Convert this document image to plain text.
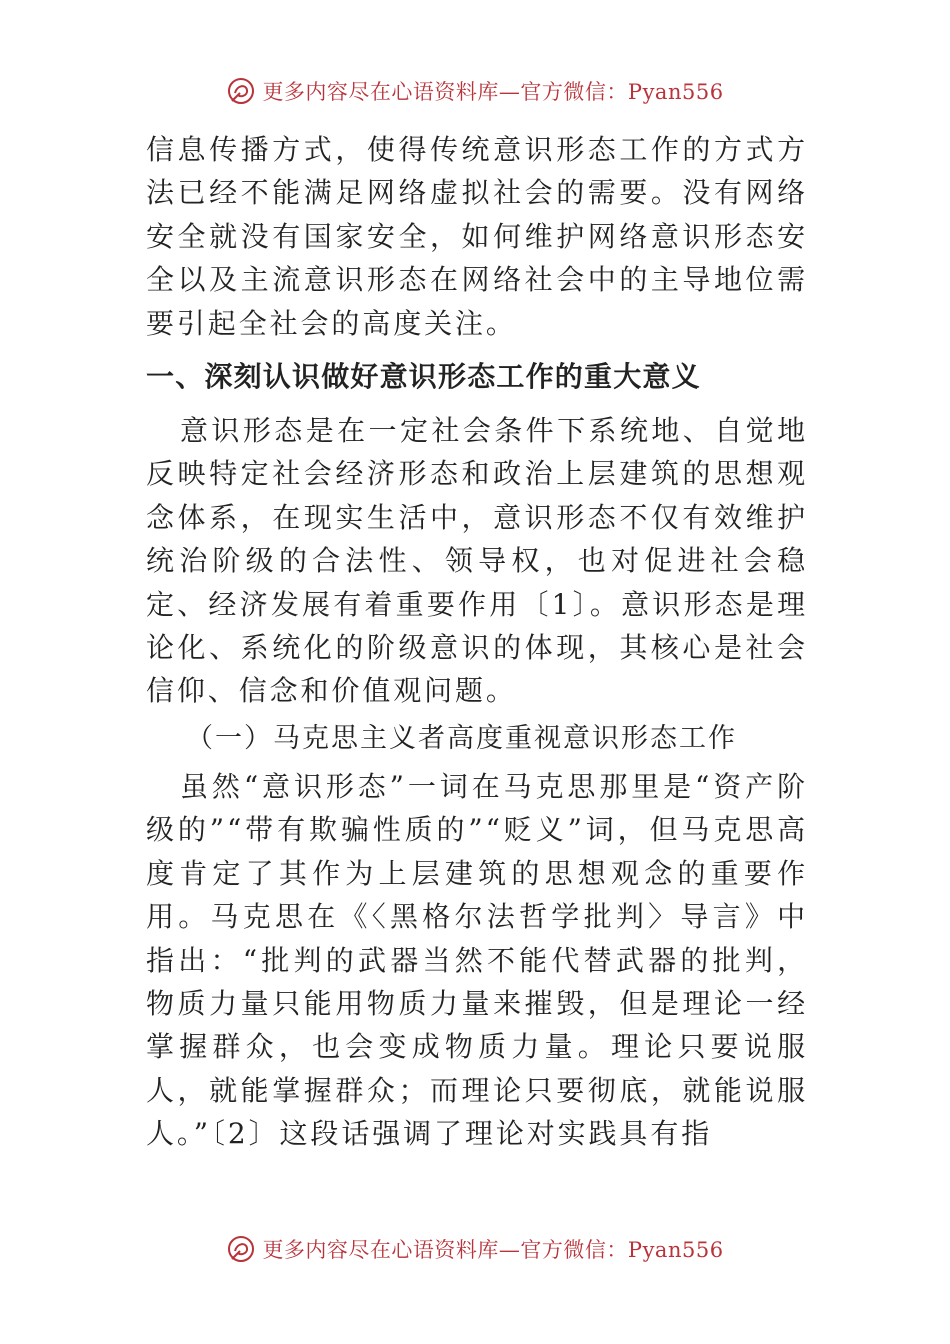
更多内容尽在心语资料库—官方微信：Pyan556

信息传播方式，使得传统意识形态工作的方式方法已经不能满足网络虚拟社会的需要。没有网络安全就没有国家安全，如何维护网络意识形态安全以及主流意识形态在网络社会中的主导地位需要引起全社会的高度关注。

一、深刻认识做好意识形态工作的重大意义

意识形态是在一定社会条件下系统地、自觉地反映特定社会经济形态和政治上层建筑的思想观念体系，在现实生活中，意识形态不仅有效维护统治阶级的合法性、领导权，也对促进社会稳定、经济发展有着重要作用〔1〕。意识形态是理论化、系统化的阶级意识的体现，其核心是社会信仰、信念和价值观问题。

（一）马克思主义者高度重视意识形态工作

虽然“意识形态”一词在马克思那里是“资产阶级的”“带有欺骗性质的”“贬义”词，但马克思高度肯定了其作为上层建筑的思想观念的重要作用。马克思在《〈黑格尔法哲学批判〉导言》中指出：“批判的武器当然不能代替武器的批判，物质力量只能用物质力量来摧毁，但是理论一经掌握群众，也会变成物质力量。理论只要说服人，就能掌握群众；而理论只要彻底，就能说服人。”〔2〕这段话强调了理论对实践具有指

更多内容尽在心语资料库—官方微信：Pyan556
